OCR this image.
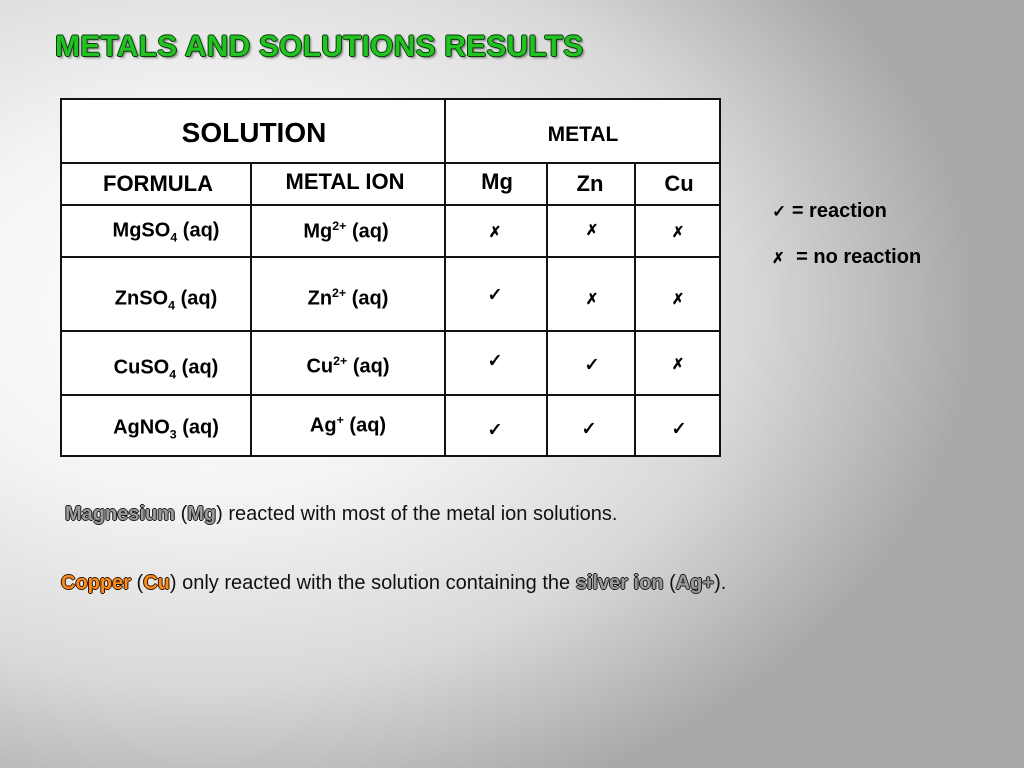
METALS AND SOLUTIONS RESULTS
SOLUTION	METAL
FORMULA	METAL ION	Mg	Zn	Cu
MgSO$_4$ (aq)	$Mg^{2+}$ (aq)	✗	✗	✗
ZnSO$_4$ (aq)	$Zn^{2+}$ (aq)	✓	✗	✗
CuSO$_4$ (aq)	$Cu^{2+}$ (aq)	✓	✓	✗
AgNO$_3$ (aq)	Ag+ (aq)	✓	✓	✓
✓ = reaction
✗ = no reaction
Magnesium (Mg) reacted with most of the metal ion solutions.
Copper (Cu) only reacted with the solution containing the silver ion (Ag+).
